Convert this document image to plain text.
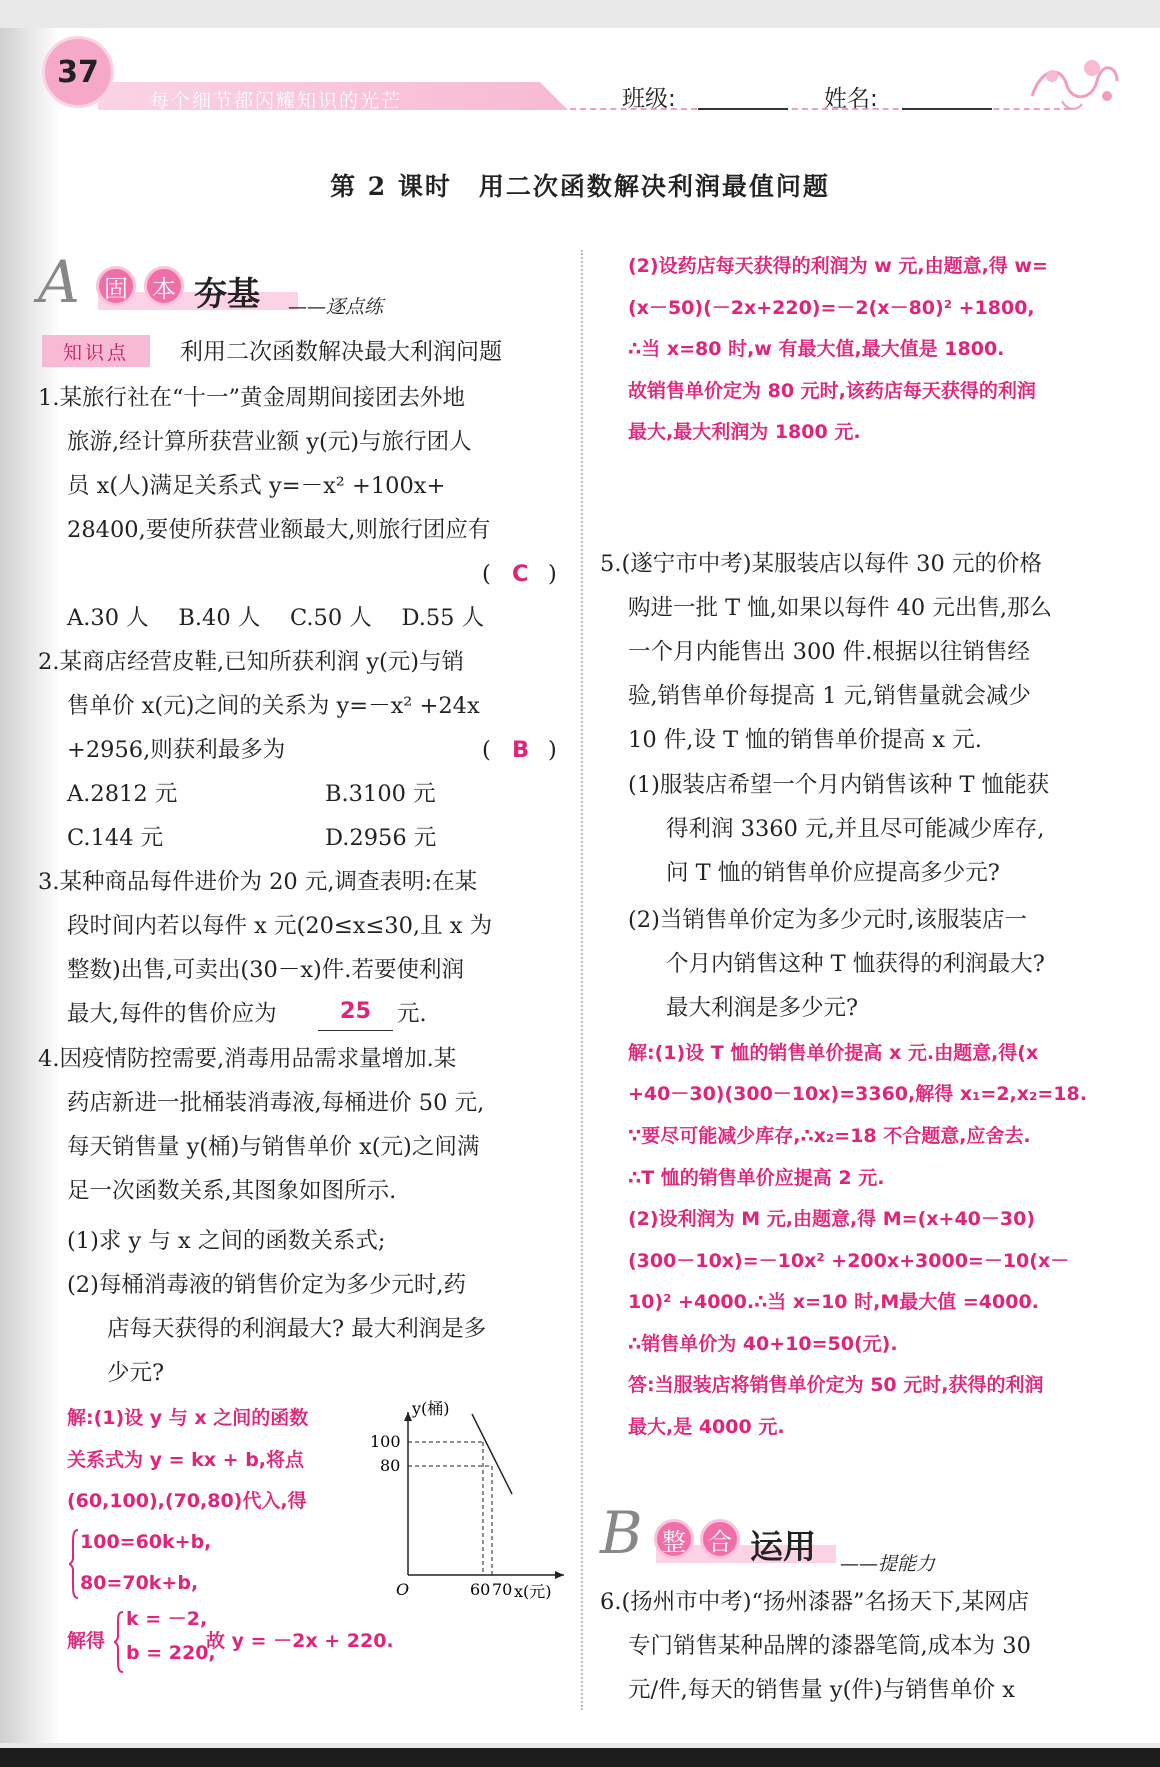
37
每个细节都闪耀知识的光芒	班级:	姓名:
第 2 课时　用二次函数解决利润最值问题
A	固	本 夯基 ——逐点练
知识点	利用二次函数解决最大利润问题
1.某旅行社在“十一”黄金周期间接团去外地
旅游,经计算所获营业额 y(元)与旅行团人
员 x(人)满足关系式 y=－x² +100x+
28400,要使所获营业额最大,则旅行团应有
( C )
A.30 人　 B.40 人　 C.50 人　 D.55 人
2.某商店经营皮鞋,已知所获利润 y(元)与销
售单价 x(元)之间的关系为 y=－x² +24x
+2956,则获利最多为	( B )
A.2812 元	B.3100 元
C.144 元	D.2956 元
3.某种商品每件进价为 20 元,调查表明:在某
段时间内若以每件 x 元(20≤x≤30,且 x 为
整数)出售,可卖出(30－x)件.若要使利润
最大,每件的售价应为	25	元.
4.因疫情防控需要,消毒用品需求量增加.某
药店新进一批桶装消毒液,每桶进价 50 元,
每天销售量 y(桶)与销售单价 x(元)之间满
足一次函数关系,其图象如图所示.
(1)求 y 与 x 之间的函数关系式;
(2)每桶消毒液的销售价定为多少元时,药
店每天获得的利润最大? 最大利润是多
少元?
解:(1)设 y 与 x 之间的函数
关系式为 y = kx + b,将点
(60,100),(70,80)代入,得
100=60k+b,
80=70k+b,
解得
k = －2,
b = 220,
故 y = －2x + 220.
y(桶)
100
80
O	60 70 x(元)
(2)设药店每天获得的利润为 w 元,由题意,得 w=
(x－50)(－2x+220)=－2(x－80)² +1800,
∴当 x=80 时,w 有最大值,最大值是 1800.
故销售单价定为 80 元时,该药店每天获得的利润
最大,最大利润为 1800 元.
5.(遂宁市中考)某服装店以每件 30 元的价格
购进一批 T 恤,如果以每件 40 元出售,那么
一个月内能售出 300 件.根据以往销售经
验,销售单价每提高 1 元,销售量就会减少
10 件,设 T 恤的销售单价提高 x 元.
(1)服装店希望一个月内销售该种 T 恤能获
得利润 3360 元,并且尽可能减少库存,
问 T 恤的销售单价应提高多少元?
(2)当销售单价定为多少元时,该服装店一
个月内销售这种 T 恤获得的利润最大?
最大利润是多少元?
解:(1)设 T 恤的销售单价提高 x 元.由题意,得(x
+40－30)(300－10x)=3360,解得 x₁=2,x₂=18.
∵要尽可能减少库存,∴x₂=18 不合题意,应舍去.
∴T 恤的销售单价应提高 2 元.
(2)设利润为 M 元,由题意,得 M=(x+40－30)
(300－10x)=－10x² +200x+3000=－10(x－
10)² +4000.∴当 x=10 时,M最大值 =4000.
∴销售单价为 40+10=50(元).
答:当服装店将销售单价定为 50 元时,获得的利润
最大,是 4000 元.
B 整 合 运用 ——提能力
6.(扬州市中考)“扬州漆器”名扬天下,某网店
专门销售某种品牌的漆器笔筒,成本为 30
元/件,每天的销售量 y(件)与销售单价 x
